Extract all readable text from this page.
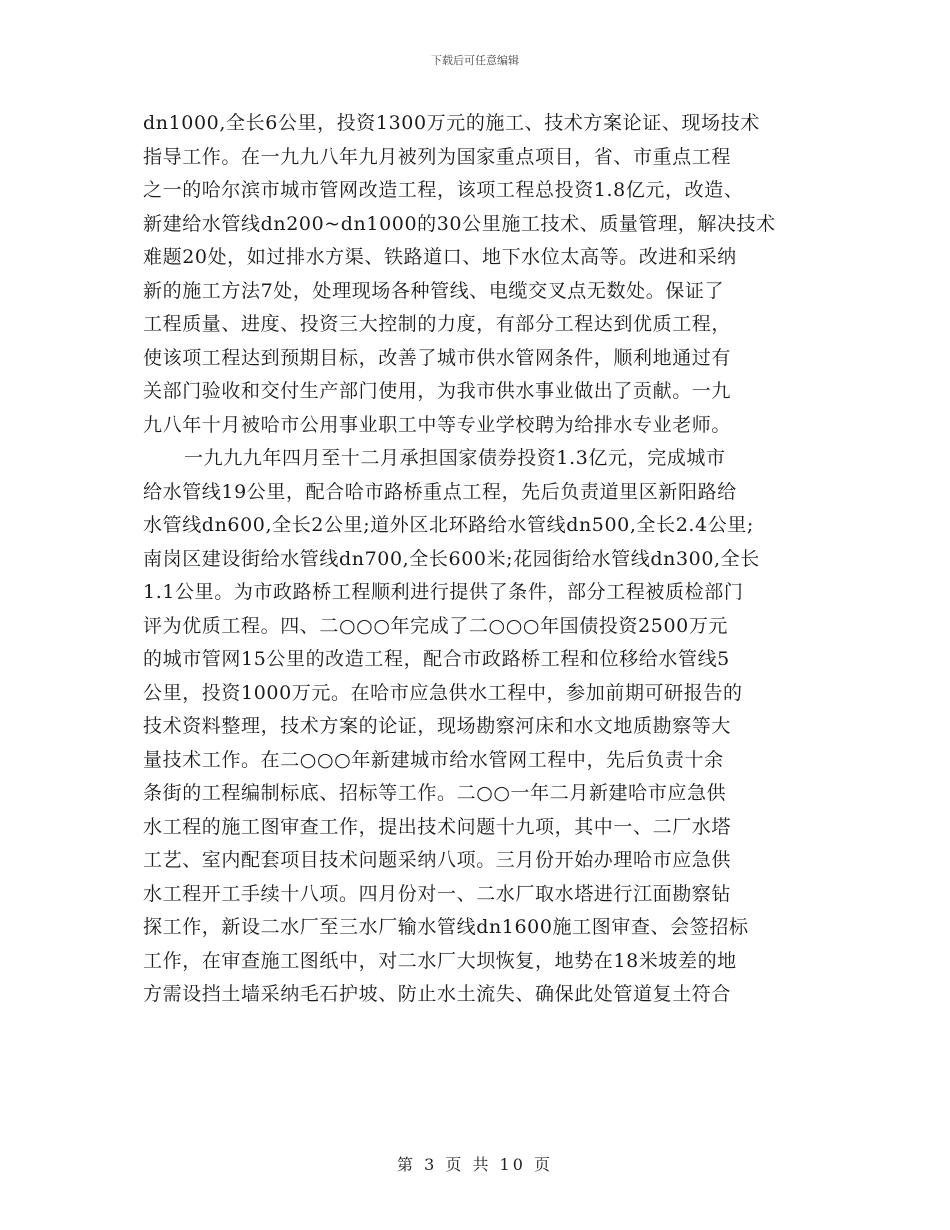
下载后可任意编辑
dn1000,全长6公里，投资1300万元的施工、技术方案论证、现场技术
指导工作。在一九九八年九月被列为国家重点项目，省、市重点工程
之一的哈尔滨市城市管网改造工程，该项工程总投资1.8亿元，改造、
新建给水管线dn200~dn1000的30公里施工技术、质量管理，解决技术
难题20处，如过排水方渠、铁路道口、地下水位太高等。改进和采纳
新的施工方法7处，处理现场各种管线、电缆交叉点无数处。保证了
工程质量、进度、投资三大控制的力度，有部分工程达到优质工程，
使该项工程达到预期目标，改善了城市供水管网条件，顺利地通过有
关部门验收和交付生产部门使用，为我市供水事业做出了贡献。一九
九八年十月被哈市公用事业职工中等专业学校聘为给排水专业老师。
一九九九年四月至十二月承担国家债券投资1.3亿元，完成城市
给水管线19公里，配合哈市路桥重点工程，先后负责道里区新阳路给
水管线dn600,全长2公里;道外区北环路给水管线dn500,全长2.4公里;
南岗区建设街给水管线dn700,全长600米;花园街给水管线dn300,全长
1.1公里。为市政路桥工程顺利进行提供了条件，部分工程被质检部门
评为优质工程。四、二○○○年完成了二○○○年国债投资2500万元
的城市管网15公里的改造工程，配合市政路桥工程和位移给水管线5
公里，投资1000万元。在哈市应急供水工程中，参加前期可研报告的
技术资料整理，技术方案的论证，现场勘察河床和水文地质勘察等大
量技术工作。在二○○○年新建城市给水管网工程中，先后负责十余
条街的工程编制标底、招标等工作。二○○一年二月新建哈市应急供
水工程的施工图审查工作，提出技术问题十九项，其中一、二厂水塔
工艺、室内配套项目技术问题采纳八项。三月份开始办理哈市应急供
水工程开工手续十八项。四月份对一、二水厂取水塔进行江面勘察钻
探工作，新设二水厂至三水厂输水管线dn1600施工图审查、会签招标
工作，在审查施工图纸中，对二水厂大坝恢复，地势在18米坡差的地
方需设挡土墙采纳毛石护坡、防止水土流失、确保此处管道复土符合
第 3 页 共 10 页
